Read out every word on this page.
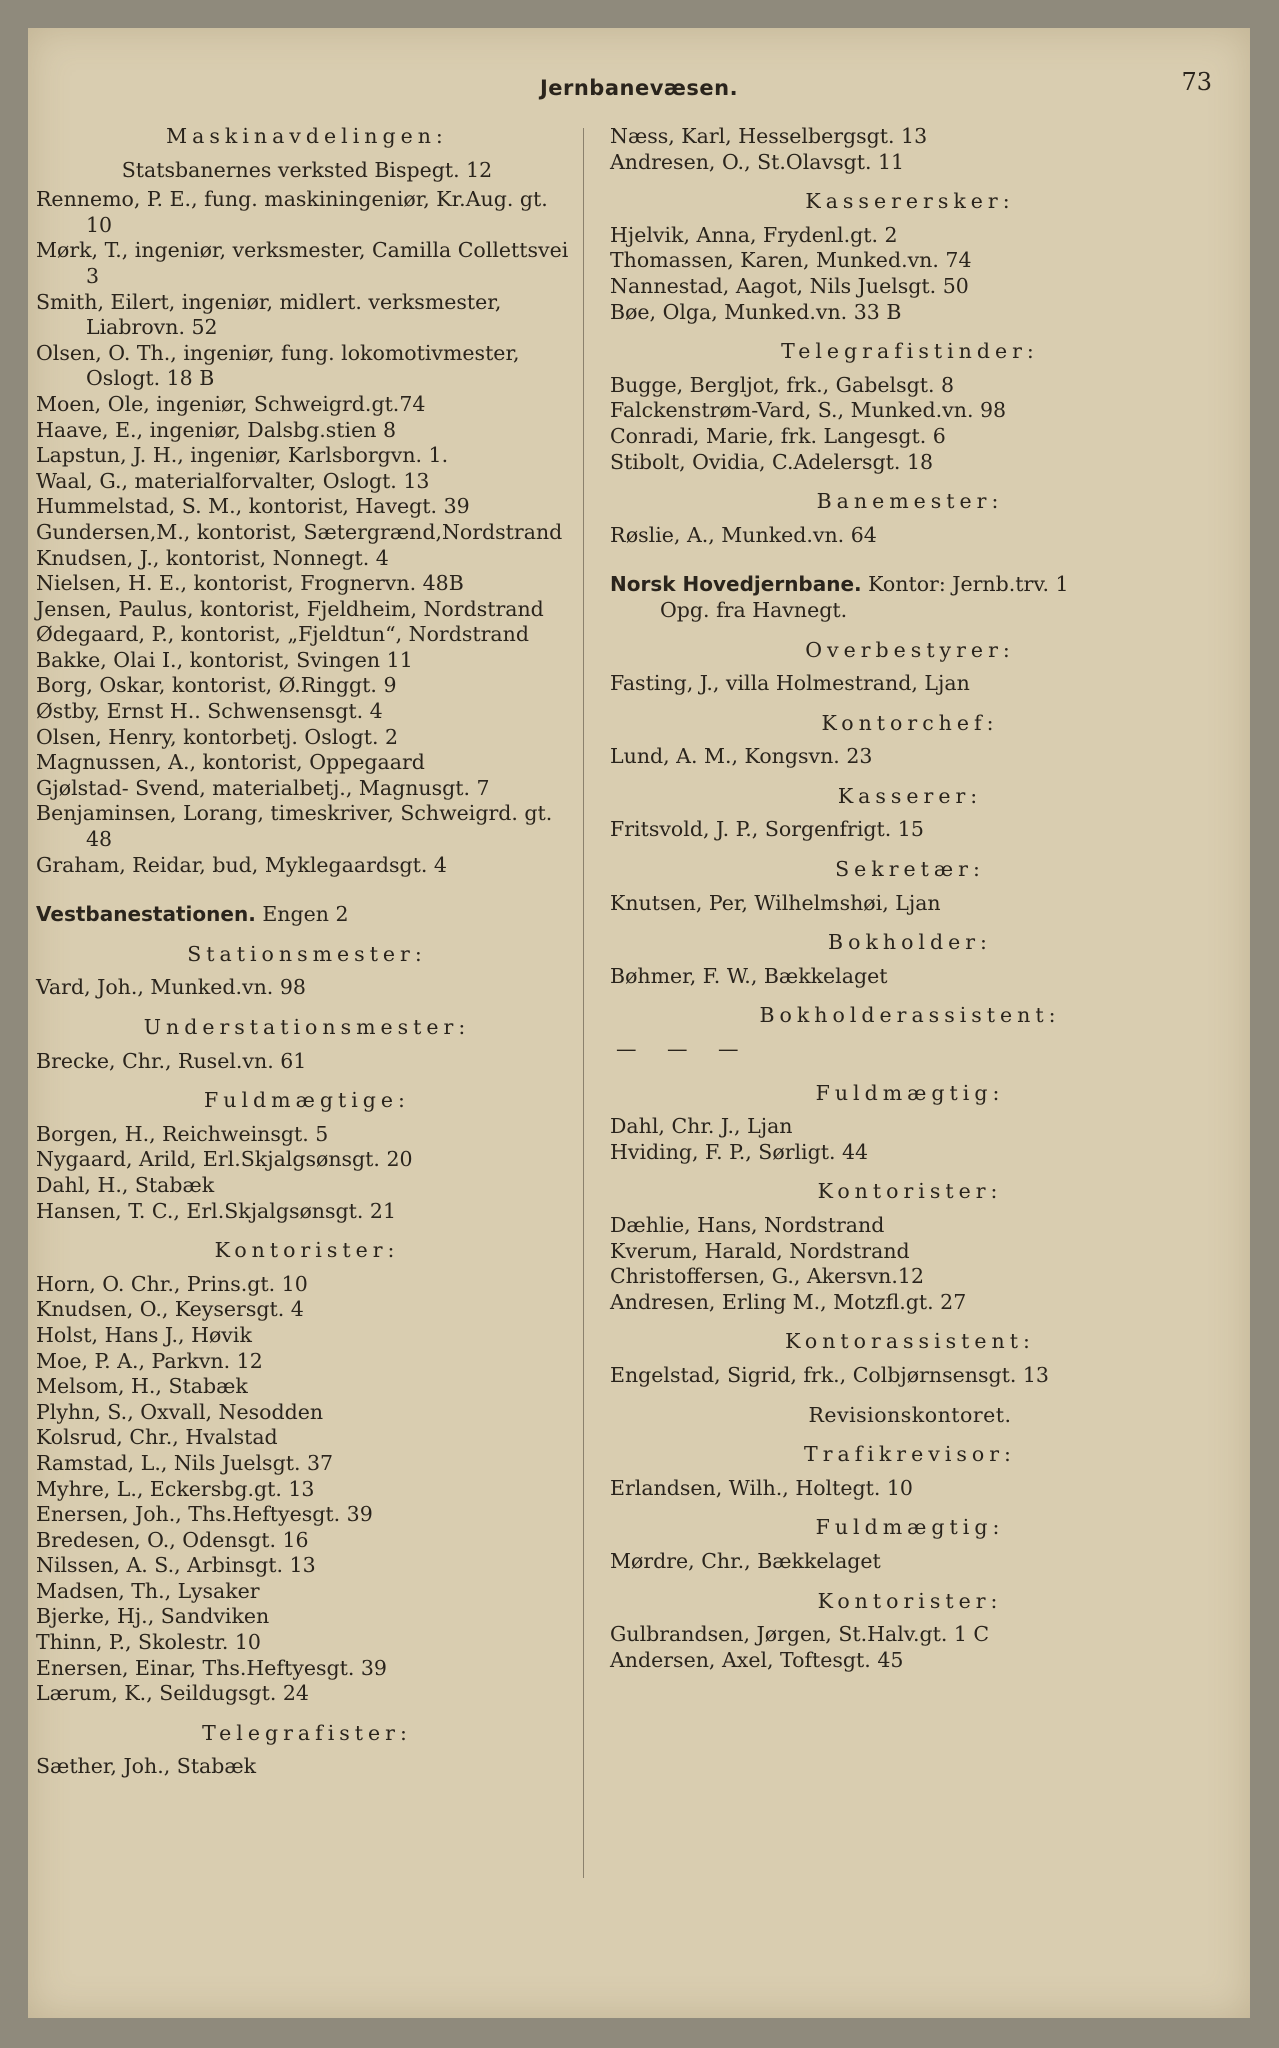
Jernbanevæsen.	73
Maskinavdelingen:
Statsbanernes verksted Bispegt. 12
Rennemo, P. E., fung. maskiningeniør, Kr.Aug. gt. 10
Mørk, T., ingeniør, verksmester, Camilla Collettsvei 3
Smith, Eilert, ingeniør, midlert. verksmester, Liabrovn. 52
Olsen, O. Th., ingeniør, fung. lokomotivmester, Oslogt. 18 B
Moen, Ole, ingeniør, Schweigrd.gt.74
Haave, E., ingeniør, Dalsbg.stien 8
Lapstun, J. H., ingeniør, Karlsborgvn. 1.
Waal, G., materialforvalter, Oslogt. 13
Hummelstad, S. M., kontorist, Havegt. 39
Gundersen,M., kontorist, Sætergrænd,Nordstrand
Knudsen, J., kontorist, Nonnegt. 4
Nielsen, H. E., kontorist, Frognervn. 48B
Jensen, Paulus, kontorist, Fjeldheim, Nordstrand
Ødegaard, P., kontorist, „Fjeldtun“, Nordstrand
Bakke, Olai I., kontorist, Svingen 11
Borg, Oskar, kontorist, Ø.Ringgt. 9
Østby, Ernst H.. Schwensensgt. 4
Olsen, Henry, kontorbetj. Oslogt. 2
Magnussen, A., kontorist, Oppegaard
Gjølstad- Svend, materialbetj., Magnusgt. 7
Benjaminsen, Lorang, timeskriver, Schweigrd. gt. 48
Graham, Reidar, bud, Myklegaardsgt. 4
Vestbanestationen. Engen 2
Stationsmester:
Vard, Joh., Munked.vn. 98
Understationsmester:
Brecke, Chr., Rusel.vn. 61
Fuldmægtige:
Borgen, H., Reichweinsgt. 5
Nygaard, Arild, Erl.Skjalgsønsgt. 20
Dahl, H., Stabæk
Hansen, T. C., Erl.Skjalgsønsgt. 21
Kontorister:
Horn, O. Chr., Prins.gt. 10
Knudsen, O., Keysersgt. 4
Holst, Hans J., Høvik
Moe, P. A., Parkvn. 12
Melsom, H., Stabæk
Plyhn, S., Oxvall, Nesodden
Kolsrud, Chr., Hvalstad
Ramstad, L., Nils Juelsgt. 37
Myhre, L., Eckersbg.gt. 13
Enersen, Joh., Ths.Heftyesgt. 39
Bredesen, O., Odensgt. 16
Nilssen, A. S., Arbinsgt. 13
Madsen, Th., Lysaker
Bjerke, Hj., Sandviken
Thinn, P., Skolestr. 10
Enersen, Einar, Ths.Heftyesgt. 39
Lærum, K., Seildugsgt. 24
Telegrafister:
Sæther, Joh., Stabæk
Næss, Karl, Hesselbergsgt. 13
Andresen, O., St.Olavsgt. 11
Kasserersker:
Hjelvik, Anna, Frydenl.gt. 2
Thomassen, Karen, Munked.vn. 74
Nannestad, Aagot, Nils Juelsgt. 50
Bøe, Olga, Munked.vn. 33 B
Telegrafistinder:
Bugge, Bergljot, frk., Gabelsgt. 8
Falckenstrøm-Vard, S., Munked.vn. 98
Conradi, Marie, frk. Langesgt. 6
Stibolt, Ovidia, C.Adelersgt. 18
Banemester:
Røslie, A., Munked.vn. 64
Norsk Hovedjernbane. Kontor: Jernb.trv. 1
Opg. fra Havnegt.
Overbestyrer:
Fasting, J., villa Holmestrand, Ljan
Kontorchef:
Lund, A. M., Kongsvn. 23
Kasserer:
Fritsvold, J. P., Sorgenfrigt. 15
Sekretær:
Knutsen, Per, Wilhelmshøi, Ljan
Bokholder:
Bøhmer, F. W., Bækkelaget
Bokholderassistent:
— — —
Fuldmægtig:
Dahl, Chr. J., Ljan
Hviding, F. P., Sørligt. 44
Kontorister:
Dæhlie, Hans, Nordstrand
Kverum, Harald, Nordstrand
Christoffersen, G., Akersvn.12
Andresen, Erling M., Motzfl.gt. 27
Kontorassistent:
Engelstad, Sigrid, frk., Colbjørnsensgt. 13
Revisionskontoret.
Trafikrevisor:
Erlandsen, Wilh., Holtegt. 10
Fuldmægtig:
Mørdre, Chr., Bækkelaget
Kontorister:
Gulbrandsen, Jørgen, St.Halv.gt. 1 C
Andersen, Axel, Toftesgt. 45
